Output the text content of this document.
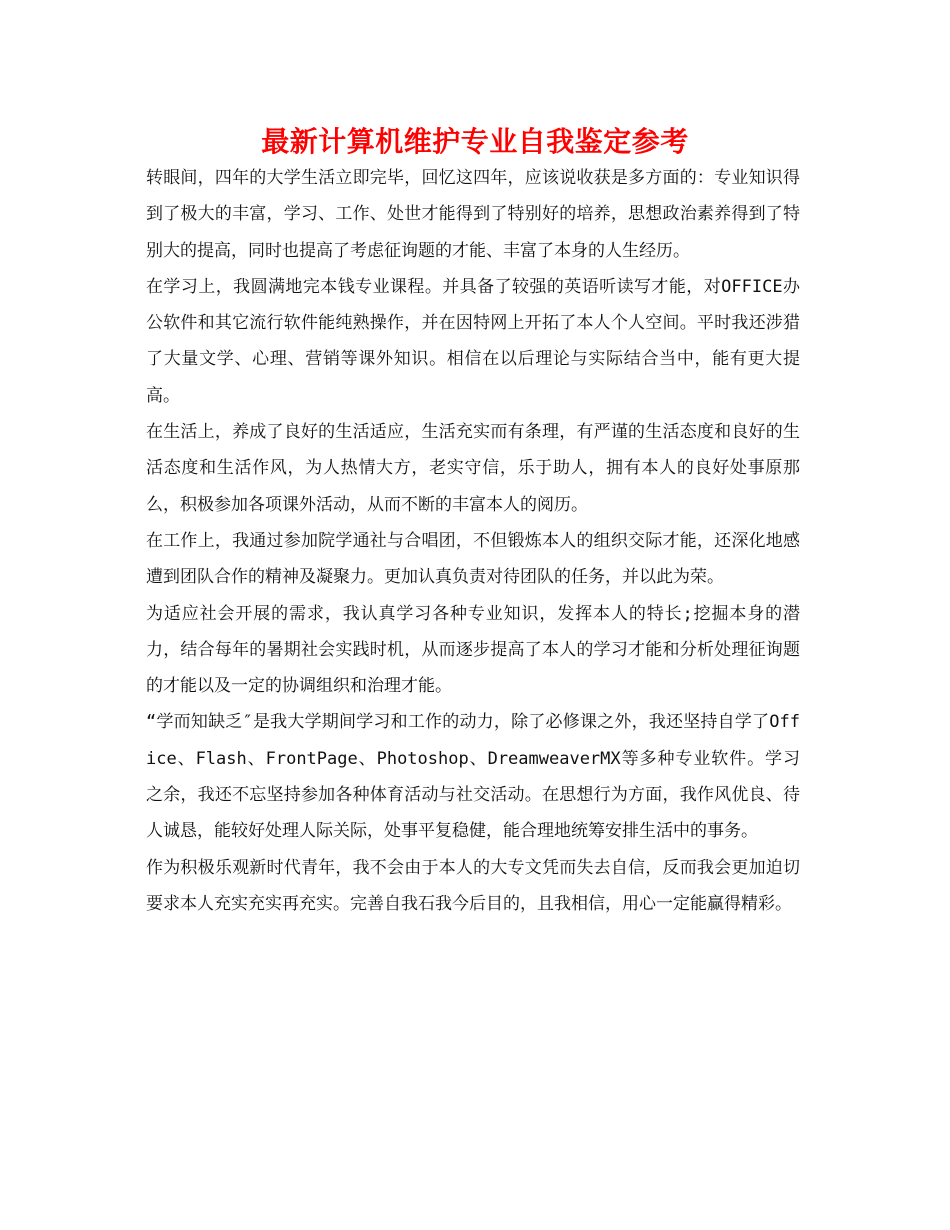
最新计算机维护专业自我鉴定参考

转眼间，四年的大学生活立即完毕，回忆这四年，应该说收获是多方面的：专业知识得到了极大的丰富，学习、工作、处世才能得到了特别好的培养，思想政治素养得到了特别大的提高，同时也提高了考虑征询题的才能、丰富了本身的人生经历。

在学习上，我圆满地完本钱专业课程。并具备了较强的英语听读写才能，对OFFICE办公软件和其它流行软件能纯熟操作，并在因特网上开拓了本人个人空间。平时我还涉猎了大量文学、心理、营销等课外知识。相信在以后理论与实际结合当中，能有更大提高。

在生活上，养成了良好的生活适应，生活充实而有条理，有严谨的生活态度和良好的生活态度和生活作风，为人热情大方，老实守信，乐于助人，拥有本人的良好处事原那么，积极参加各项课外活动，从而不断的丰富本人的阅历。

在工作上，我通过参加院学通社与合唱团，不但锻炼本人的组织交际才能，还深化地感遭到团队合作的精神及凝聚力。更加认真负责对待团队的任务，并以此为荣。

为适应社会开展的需求，我认真学习各种专业知识，发挥本人的特长;挖掘本身的潜力，结合每年的暑期社会实践时机，从而逐步提高了本人的学习才能和分析处理征询题的才能以及一定的协调组织和治理才能。

“学而知缺乏″是我大学期间学习和工作的动力，除了必修课之外，我还坚持自学了Office、Flash、FrontPage、Photoshop、DreamweaverMX等多种专业软件。学习之余，我还不忘坚持参加各种体育活动与社交活动。在思想行为方面，我作风优良、待人诚恳，能较好处理人际关际，处事平复稳健，能合理地统筹安排生活中的事务。

作为积极乐观新时代青年，我不会由于本人的大专文凭而失去自信，反而我会更加迫切要求本人充实充实再充实。完善自我石我今后目的，且我相信，用心一定能赢得精彩。
